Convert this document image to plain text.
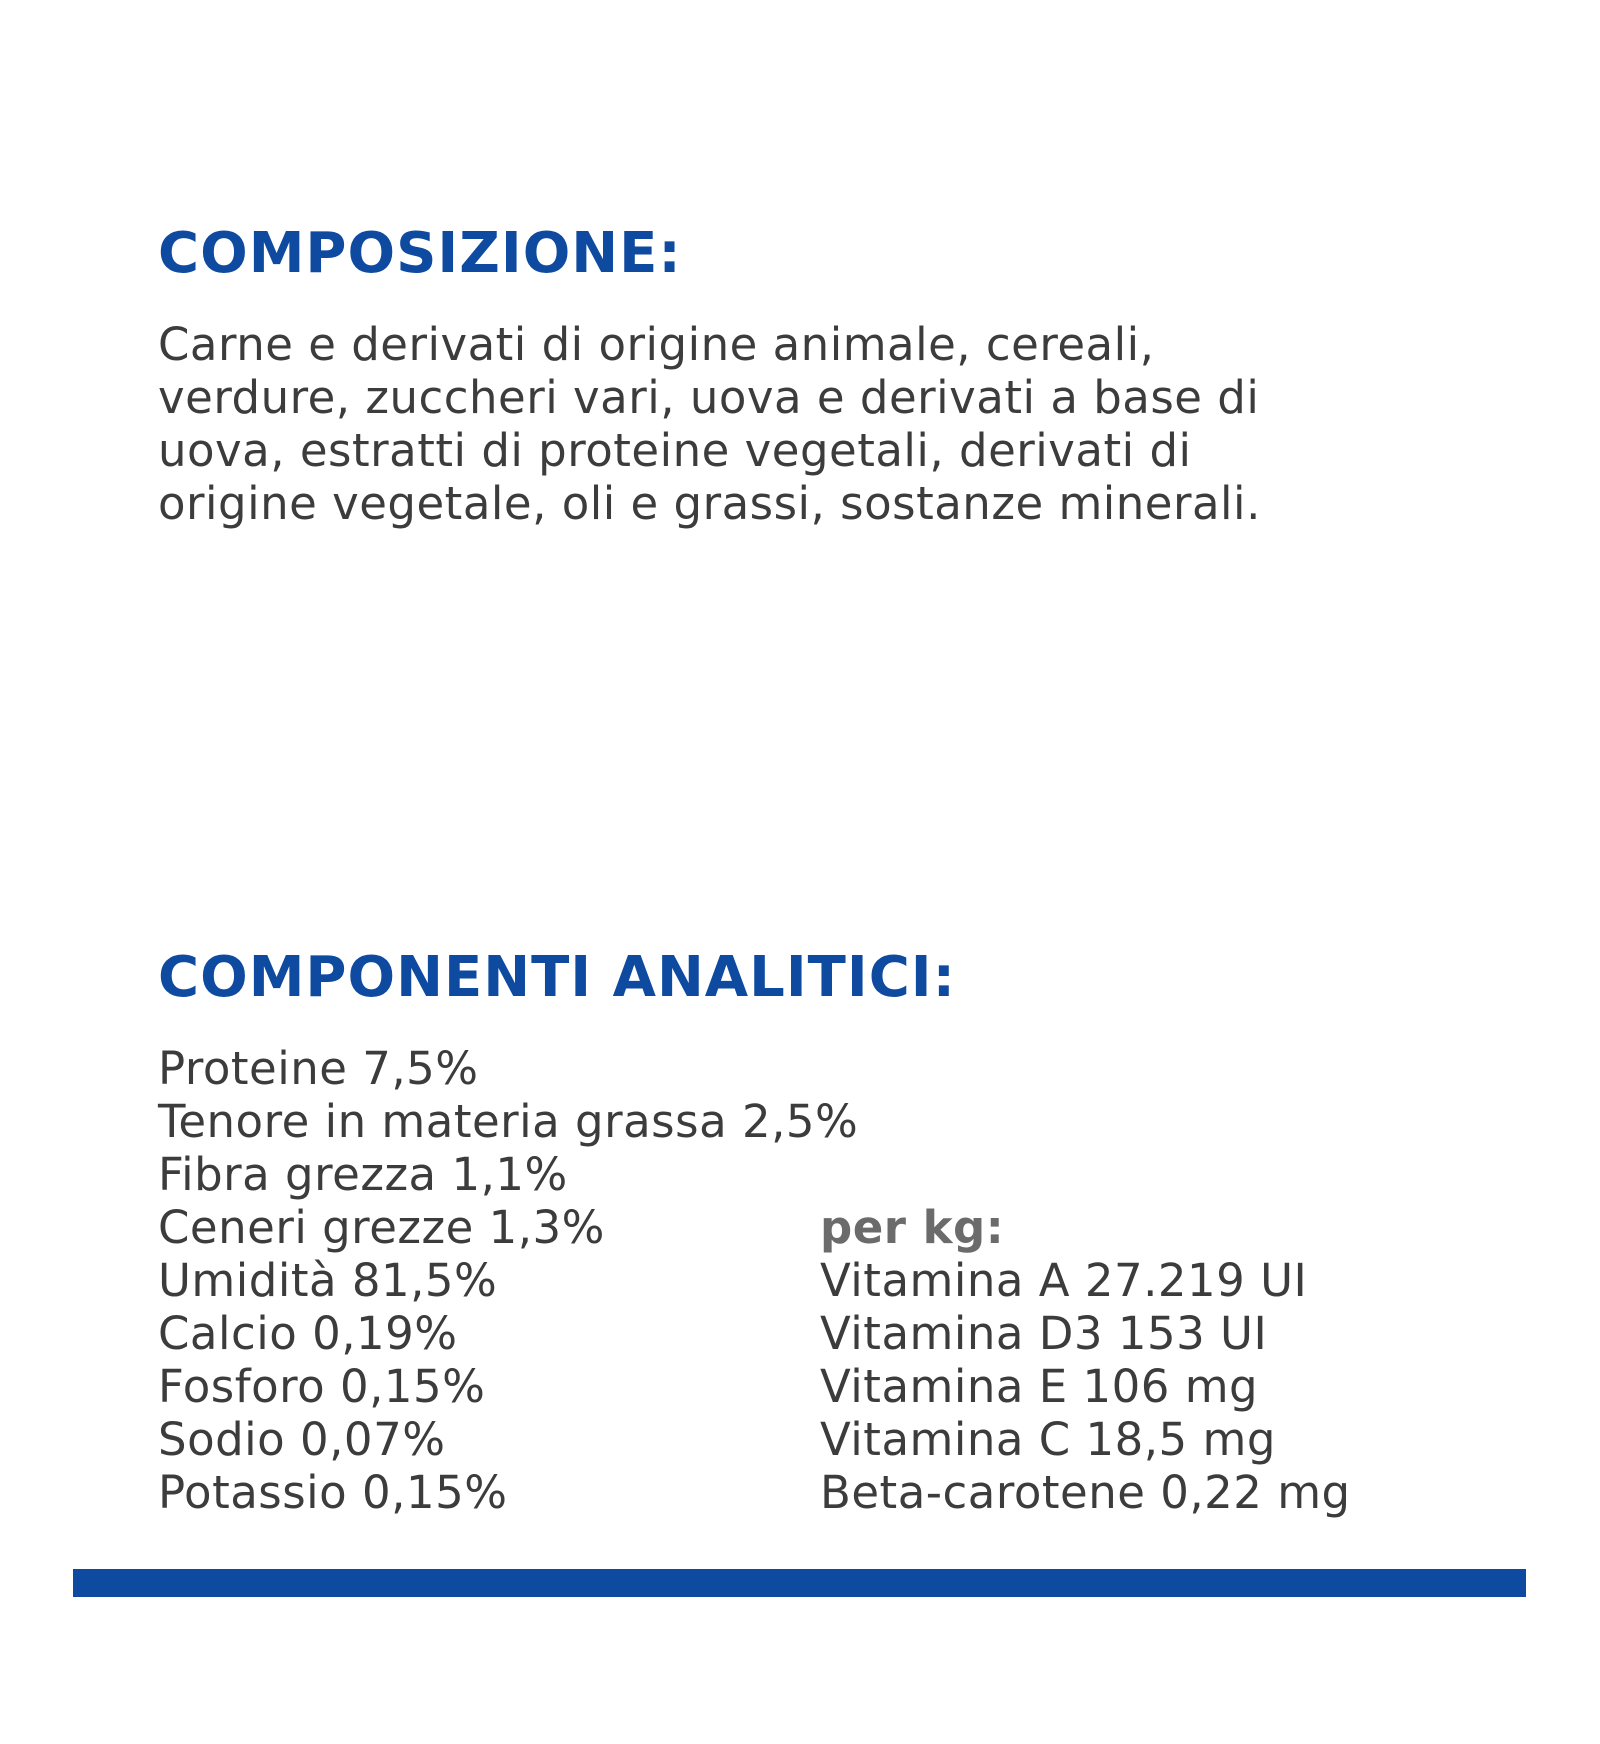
COMPOSIZIONE:

Carne e derivati di origine animale, cereali,
verdure, zuccheri vari, uova e derivati a base di
uova, estratti di proteine vegetali, derivati di
origine vegetale, oli e grassi, sostanze minerali.

COMPONENTI ANALITICI:
Proteine 7,5%
Tenore in materia grassa 2,5%
Fibra grezza 1,1%
Ceneri grezze 1,3%
Umidità 81,5%
Calcio 0,19%
Fosforo 0,15%
Sodio 0,07%
Potassio 0,15%
per kg:
Vitamina A 27.219 UI
Vitamina D3 153 UI
Vitamina E 106 mg
Vitamina C 18,5 mg
Beta-carotene 0,22 mg
